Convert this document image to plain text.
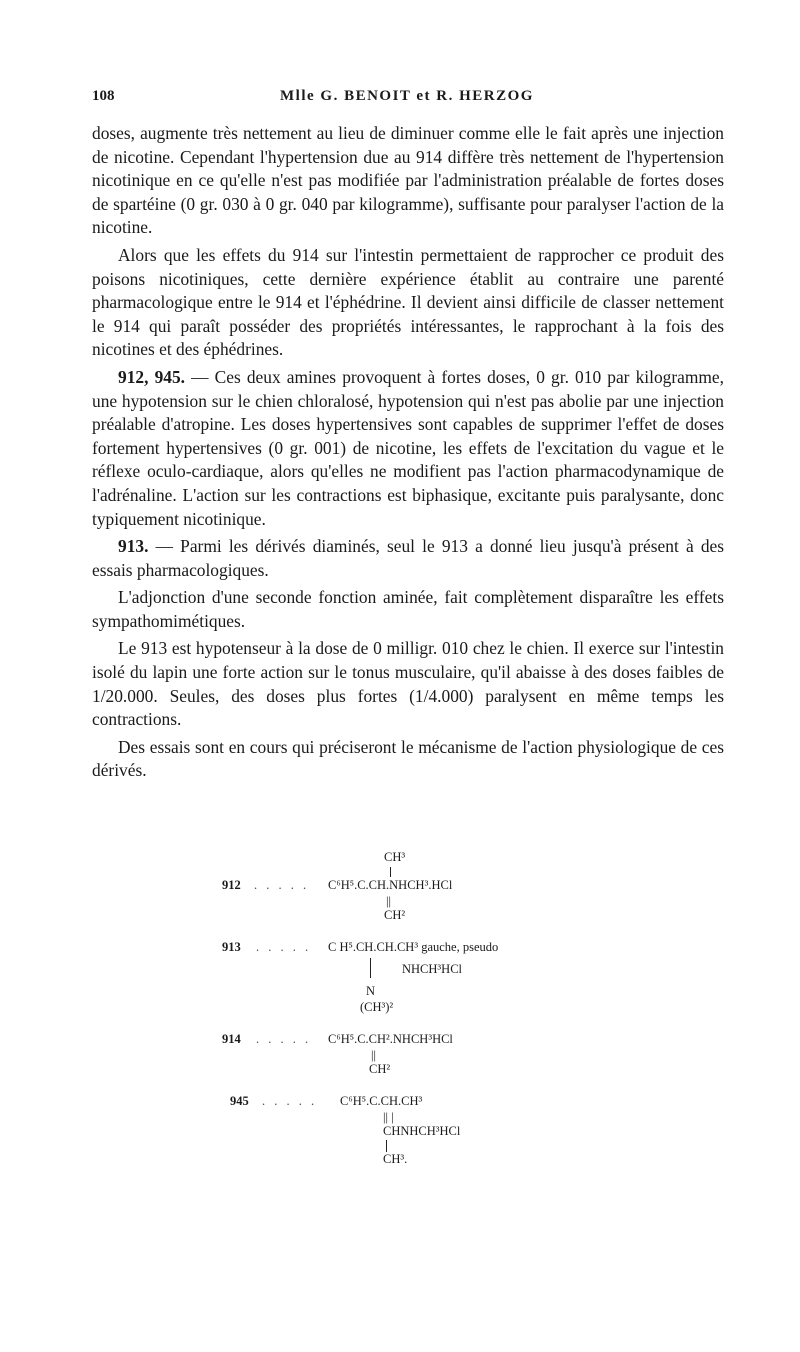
108	Mlle G. BENOIT et R. HERZOG

doses, augmente très nettement au lieu de diminuer comme elle le fait après une injection de nicotine. Cependant l'hypertension due au 914 diffère très nettement de l'hypertension nicotinique en ce qu'elle n'est pas modifiée par l'administration préalable de fortes doses de spartéine (0 gr. 030 à 0 gr. 040 par kilogramme), suffisante pour paralyser l'action de la nicotine.

Alors que les effets du 914 sur l'intestin permettaient de rapprocher ce produit des poisons nicotiniques, cette dernière expérience établit au contraire une parenté pharmacologique entre le 914 et l'éphédrine. Il devient ainsi difficile de classer nettement le 914 qui paraît posséder des propriétés intéressantes, le rapprochant à la fois des nicotines et des éphédrines.

912, 945. — Ces deux amines provoquent à fortes doses, 0 gr. 010 par kilogramme, une hypotension sur le chien chloralosé, hypotension qui n'est pas abolie par une injection préalable d'atropine. Les doses hypertensives sont capables de supprimer l'effet de doses fortement hypertensives (0 gr. 001) de nicotine, les effets de l'excitation du vague et le réflexe oculo-cardiaque, alors qu'elles ne modifient pas l'action pharmacodynamique de l'adrénaline. L'action sur les contractions est biphasique, excitante puis paralysante, donc typiquement nicotinique.

913. — Parmi les dérivés diaminés, seul le 913 a donné lieu jusqu'à présent à des essais pharmacologiques.

L'adjonction d'une seconde fonction aminée, fait complètement disparaître les effets sympathomimétiques.

Le 913 est hypotenseur à la dose de 0 milligr. 010 chez le chien. Il exerce sur l'intestin isolé du lapin une forte action sur le tonus musculaire, qu'il abaisse à des doses faibles de 1/20.000. Seules, des doses plus fortes (1/4.000) paralysent en même temps les contractions.

Des essais sont en cours qui préciseront le mécanisme de l'action physiologique de ces dérivés.

CH³
912 . . . . . C⁶H⁵.C.CH.NHCH³.HCl
||
CH²
913 . . . . . C H⁵.CH.CH.CH³ gauche, pseudo
NHCH³HCl
N
(CH³)²
914 . . . . . C⁶H⁵.C.CH².NHCH³HCl
||
CH²
945 . . . . . C⁶H⁵.C.CH.CH³
|| |
CHNHCH³HCl
CH³.
